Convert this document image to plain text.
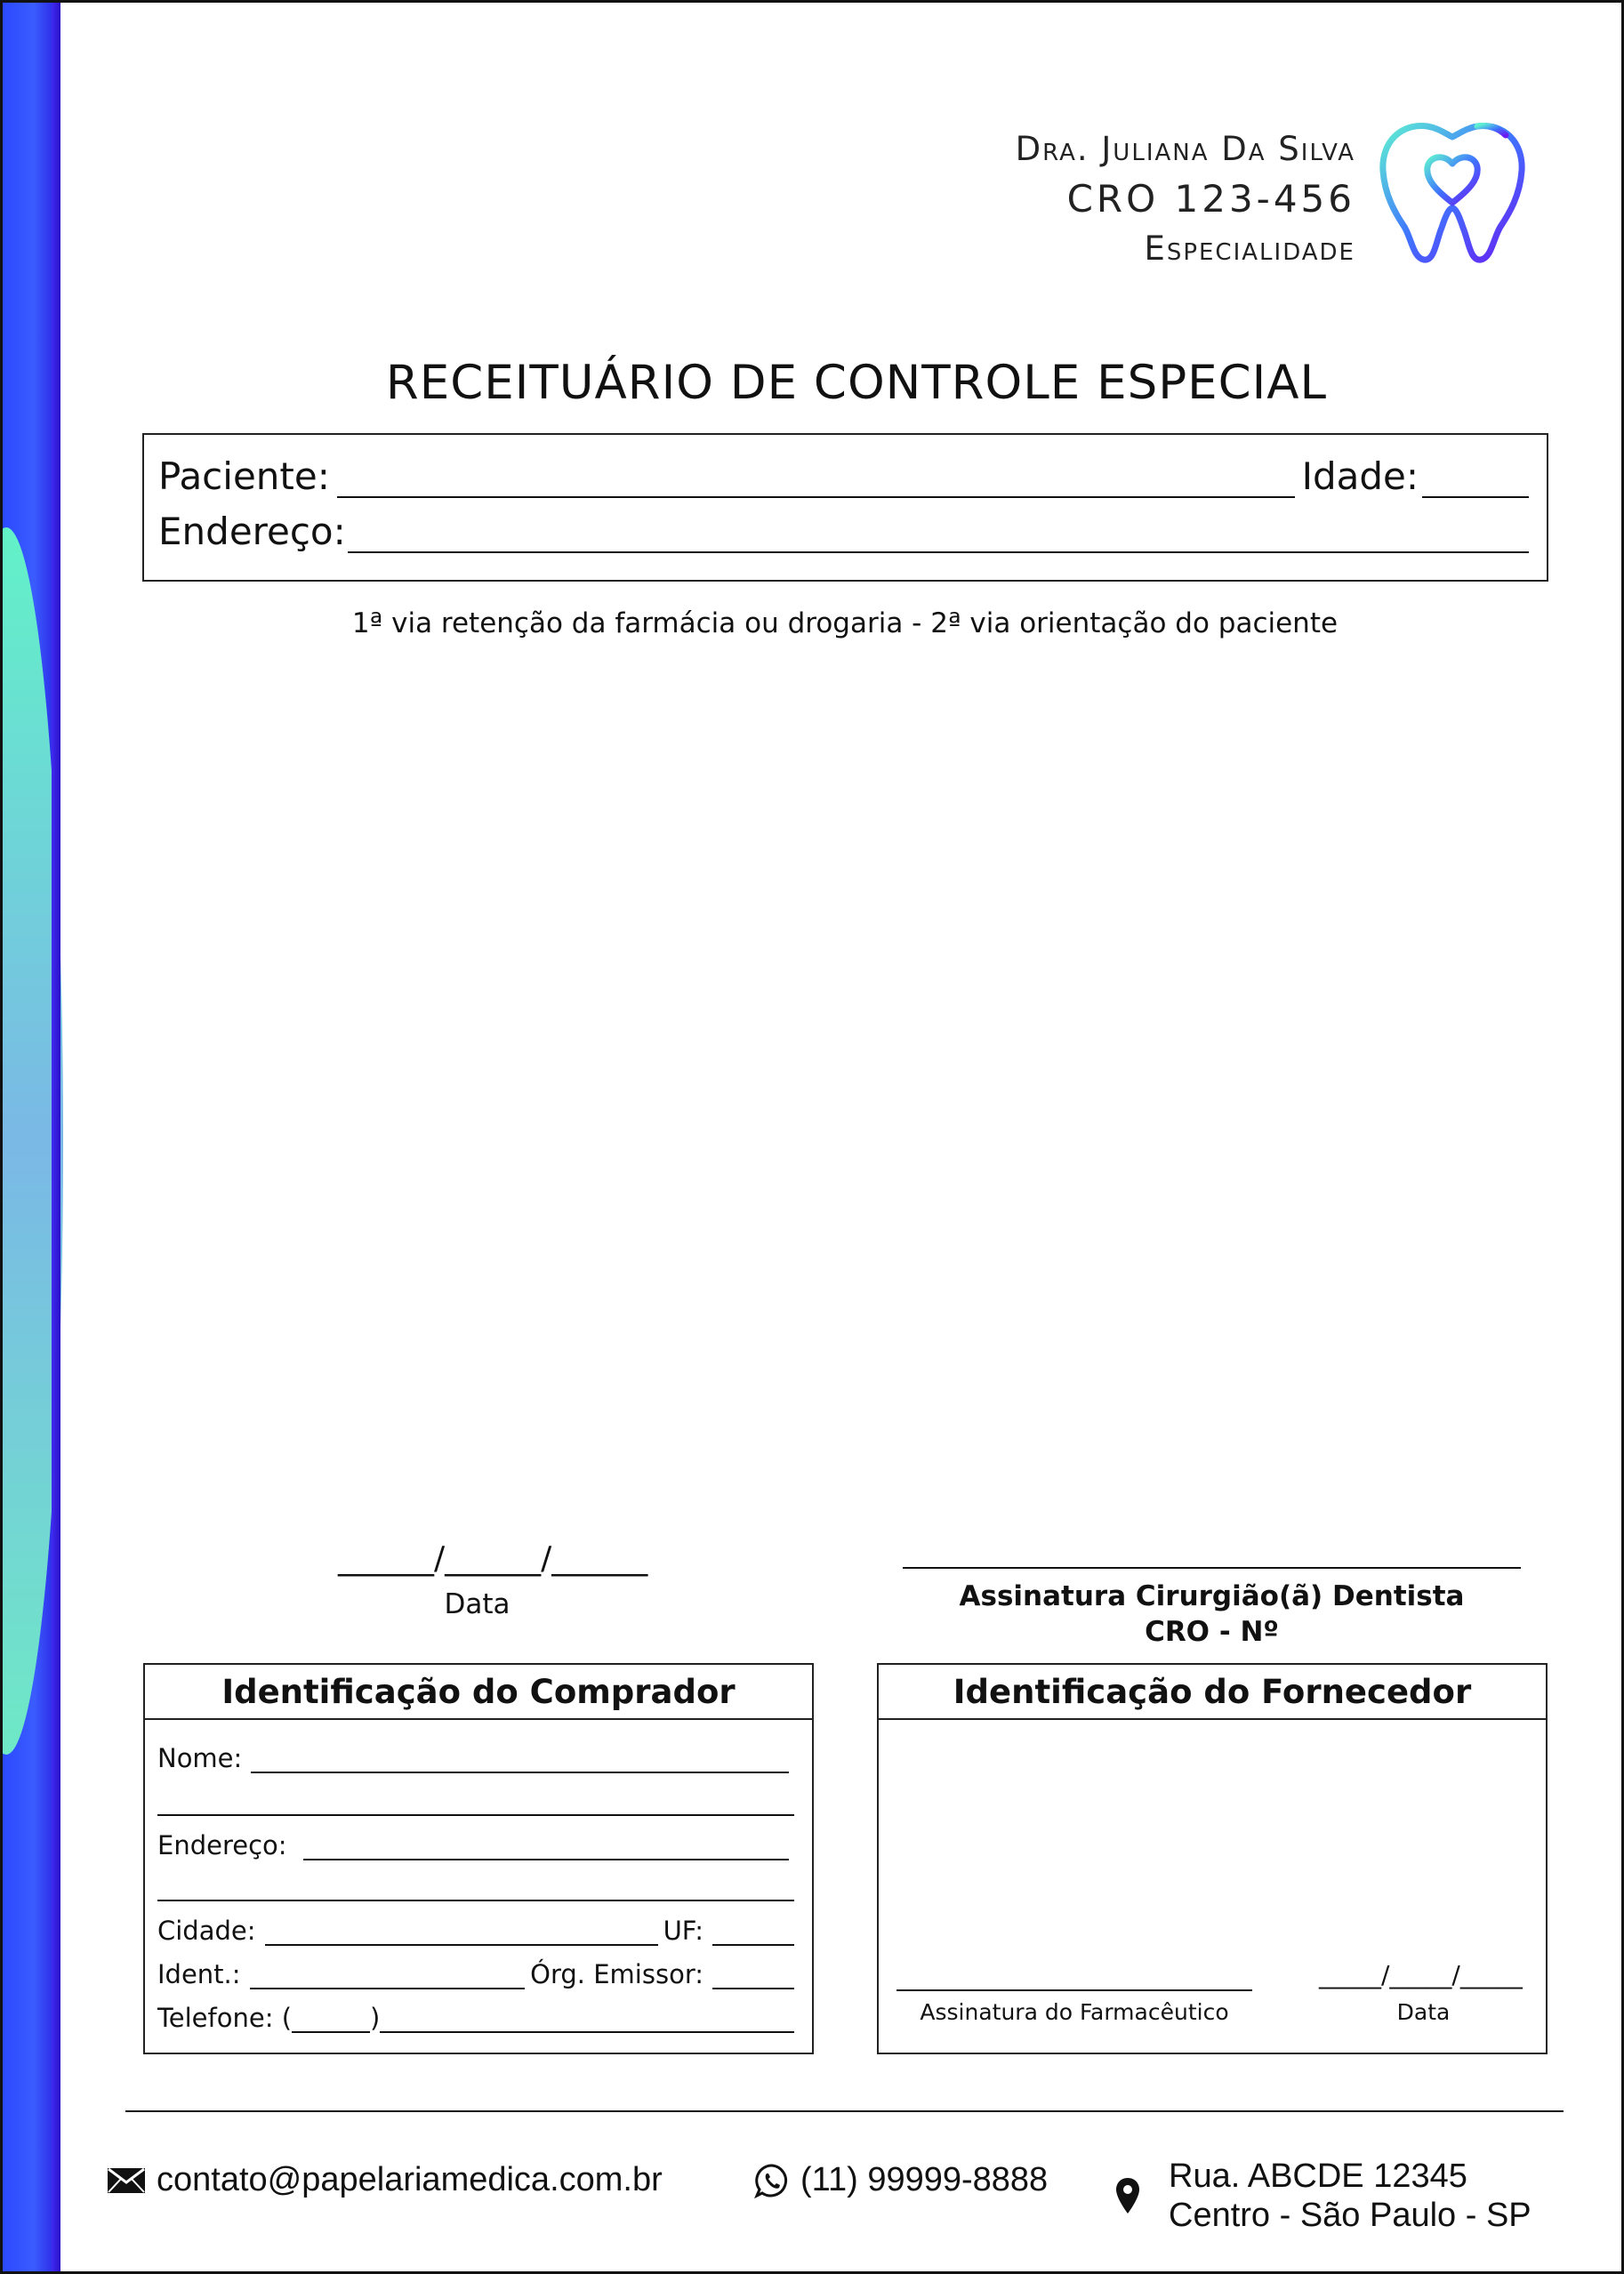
Dra. Juliana Da Silva
CRO 123-456
Especialidade
RECEITUÁRIO DE CONTROLE ESPECIAL
Paciente:	Idade:
Endereço:
1ª via retenção da farmácia ou drogaria - 2ª via orientação do paciente
______/______/______
Data	Assinatura Cirurgião(ã) Dentista
CRO - Nº
Identificação do Comprador
Nome:
Endereço:
Cidade:	UF:
Ident.:	Órg. Emissor:
Telefone: (	)
Identificação do Fornecedor
Assinatura do Farmacêutico
_____/_____/_____
Data
contato@papelariamedica.com.br	(11) 99999-8888	Rua. ABCDE 12345
Centro - São Paulo - SP
